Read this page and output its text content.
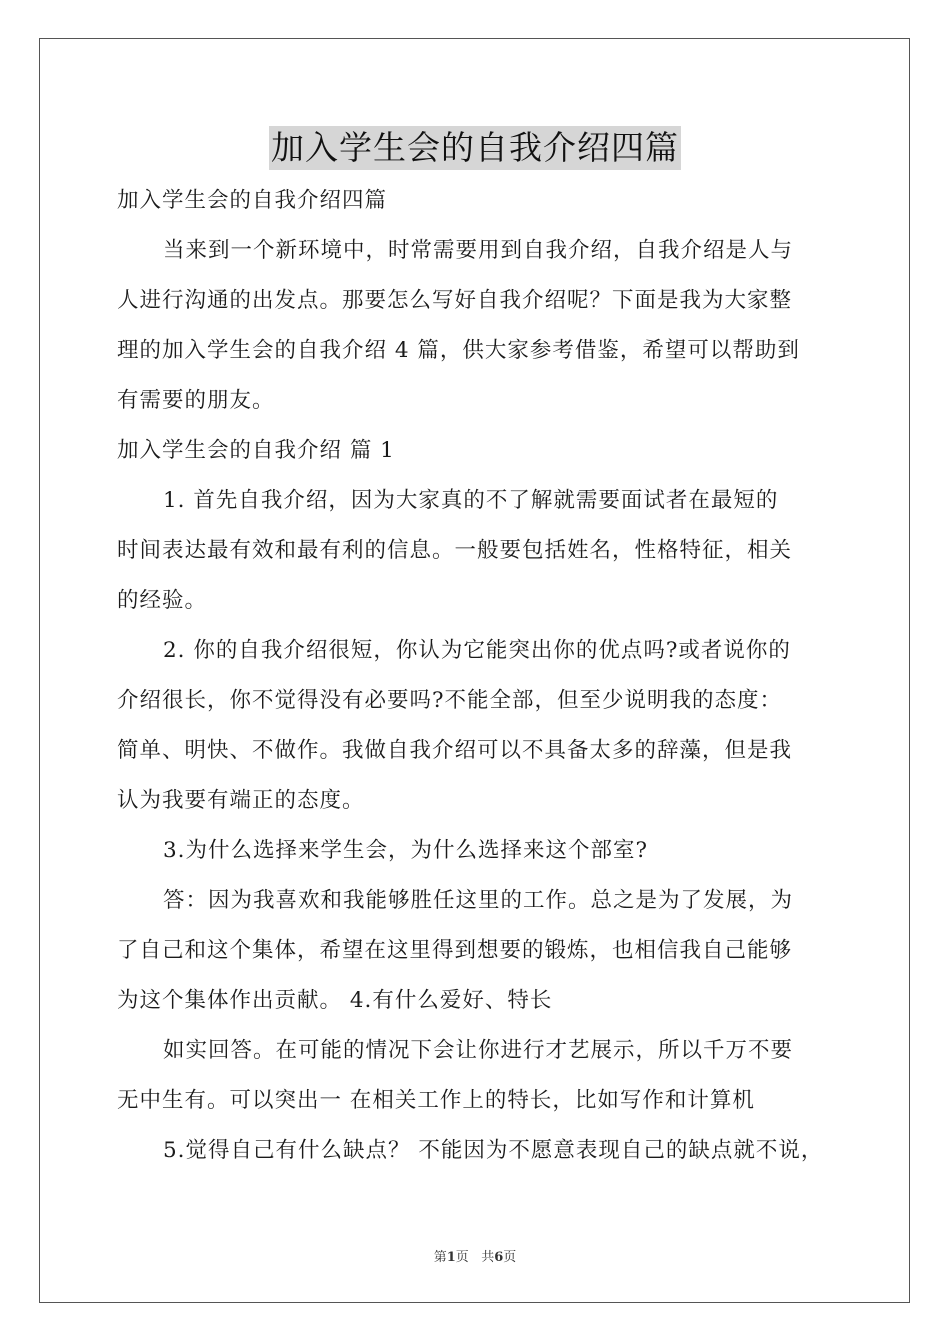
加入学生会的自我介绍四篇
加入学生会的自我介绍四篇
当来到一个新环境中，时常需要用到自我介绍，自我介绍是人与
人进行沟通的出发点。那要怎么写好自我介绍呢？下面是我为大家整
理的加入学生会的自我介绍 4 篇，供大家参考借鉴，希望可以帮助到
有需要的朋友。
加入学生会的自我介绍 篇 1
1. 首先自我介绍，因为大家真的不了解就需要面试者在最短的
时间表达最有效和最有利的信息。一般要包括姓名，性格特征，相关
的经验。
2. 你的自我介绍很短，你认为它能突出你的优点吗?或者说你的
介绍很长，你不觉得没有必要吗?不能全部，但至少说明我的态度：
简单、明快、不做作。我做自我介绍可以不具备太多的辞藻，但是我
认为我要有端正的态度。
3.为什么选择来学生会，为什么选择来这个部室?
答：因为我喜欢和我能够胜任这里的工作。总之是为了发展，为
了自己和这个集体，希望在这里得到想要的锻炼，也相信我自己能够
为这个集体作出贡献。 4.有什么爱好、特长
如实回答。在可能的情况下会让你进行才艺展示，所以千万不要
无中生有。可以突出一 在相关工作上的特长，比如写作和计算机
5.觉得自己有什么缺点？ 不能因为不愿意表现自己的缺点就不说，
第1页 共6页
